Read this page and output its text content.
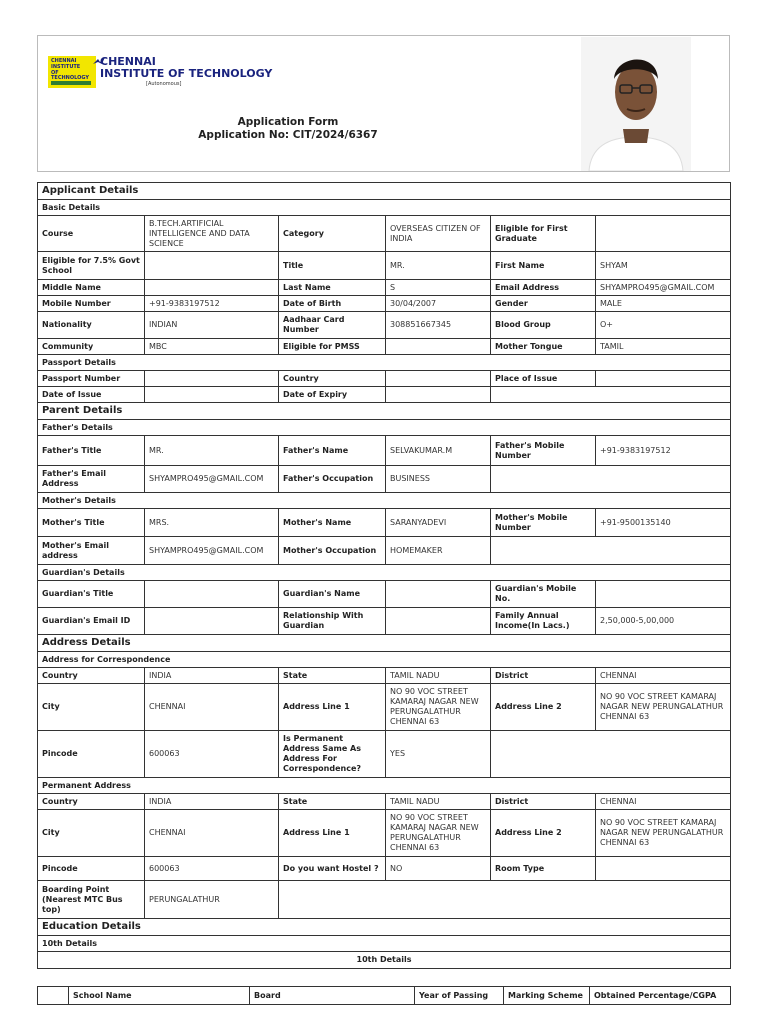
CHENNAI
INSTITUTE
OF
TECHNOLOGY
CHENNAI
INSTITUTE OF TECHNOLOGY
[Autonomous]
Application Form
Application No: CIT/2024/6367
Applicant Details					
Basic Details					
Course	B.TECH.ARTIFICIAL INTELLIGENCE AND DATA SCIENCE	Category	OVERSEAS CITIZEN OF INDIA	Eligible for First Graduate	
Eligible for 7.5% Govt School		Title	MR.	First Name	SHYAM
Middle Name		Last Name	S	Email Address	SHYAMPRO495@GMAIL.COM
Mobile Number	+91-9383197512	Date of Birth	30/04/2007	Gender	MALE
Nationality	INDIAN	Aadhaar Card Number	308851667345	Blood Group	O+
Community	MBC	Eligible for PMSS		Mother Tongue	TAMIL
Passport Details					
Passport Number		Country		Place of Issue	
Date of Issue		Date of Expiry			
Parent Details					
Father's Details					
Father's Title	MR.	Father's Name	SELVAKUMAR.M	Father's Mobile Number	+91-9383197512
Father's Email Address	SHYAMPRO495@GMAIL.COM	Father's Occupation	BUSINESS		
Mother's Details					
Mother's Title	MRS.	Mother's Name	SARANYADEVI	Mother's Mobile Number	+91-9500135140
Mother's Email address	SHYAMPRO495@GMAIL.COM	Mother's Occupation	HOMEMAKER		
Guardian's Details					
Guardian's Title		Guardian's Name		Guardian's Mobile No.	
Guardian's Email ID		Relationship With Guardian		Family Annual Income(In Lacs.)	2,50,000-5,00,000
Address Details					
Address for Correspondence					
Country	INDIA	State	TAMIL NADU	District	CHENNAI
City	CHENNAI	Address Line 1	NO 90 VOC STREET KAMARAJ NAGAR NEW PERUNGALATHUR CHENNAI 63	Address Line 2	NO 90 VOC STREET KAMARAJ NAGAR NEW PERUNGALATHUR CHENNAI 63
Pincode	600063	Is Permanent Address Same As Address For Correspondence?	YES		
Permanent Address					
Country	INDIA	State	TAMIL NADU	District	CHENNAI
City	CHENNAI	Address Line 1	NO 90 VOC STREET KAMARAJ NAGAR NEW PERUNGALATHUR CHENNAI 63	Address Line 2	NO 90 VOC STREET KAMARAJ NAGAR NEW PERUNGALATHUR CHENNAI 63
Pincode	600063	Do you want Hostel ?	NO	Room Type	
Boarding Point (Nearest MTC Bus top)	PERUNGALATHUR				
Education Details					
10th Details					
10th Details					
	School Name	Board	Year of Passing	Marking Scheme	Obtained Percentage/CGPA
